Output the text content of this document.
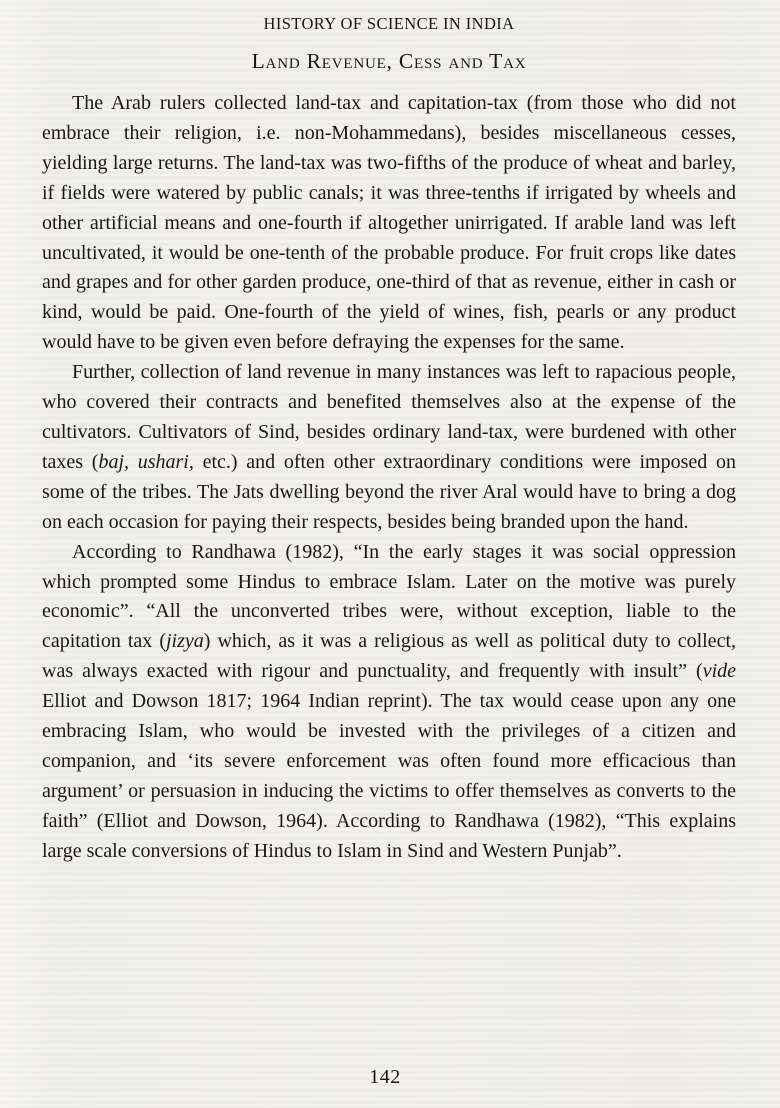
HISTORY OF SCIENCE IN INDIA
Land Revenue, Cess and Tax

The Arab rulers collected land-tax and capitation-tax (from those who did not embrace their religion, i.e. non-Mohammedans), besides miscellaneous cesses, yielding large returns. The land-tax was two-fifths of the produce of wheat and barley, if fields were watered by public canals; it was three-tenths if irrigated by wheels and other artificial means and one-fourth if altogether unirrigated. If arable land was left uncultivated, it would be one-tenth of the probable produce. For fruit crops like dates and grapes and for other garden produce, one-third of that as revenue, either in cash or kind, would be paid. One-fourth of the yield of wines, fish, pearls or any product would have to be given even before defraying the expenses for the same.

Further, collection of land revenue in many instances was left to rapacious people, who covered their contracts and benefited themselves also at the expense of the cultivators. Cultivators of Sind, besides ordinary land-tax, were burdened with other taxes (baj, ushari, etc.) and often other extraordinary conditions were imposed on some of the tribes. The Jats dwelling beyond the river Aral would have to bring a dog on each occasion for paying their respects, besides being branded upon the hand.

According to Randhawa (1982), “In the early stages it was social oppression which prompted some Hindus to embrace Islam. Later on the motive was purely economic”. “All the unconverted tribes were, without exception, liable to the capitation tax (jizya) which, as it was a religious as well as political duty to collect, was always exacted with rigour and punctuality, and frequently with insult” (vide Elliot and Dowson 1817; 1964 Indian reprint). The tax would cease upon any one embracing Islam, who would be invested with the privileges of a citizen and companion, and ‘its severe enforcement was often found more efficacious than argument’ or persuasion in inducing the victims to offer themselves as converts to the faith” (Elliot and Dowson, 1964). According to Randhawa (1982), “This explains large scale conversions of Hindus to Islam in Sind and Western Punjab”.

142
